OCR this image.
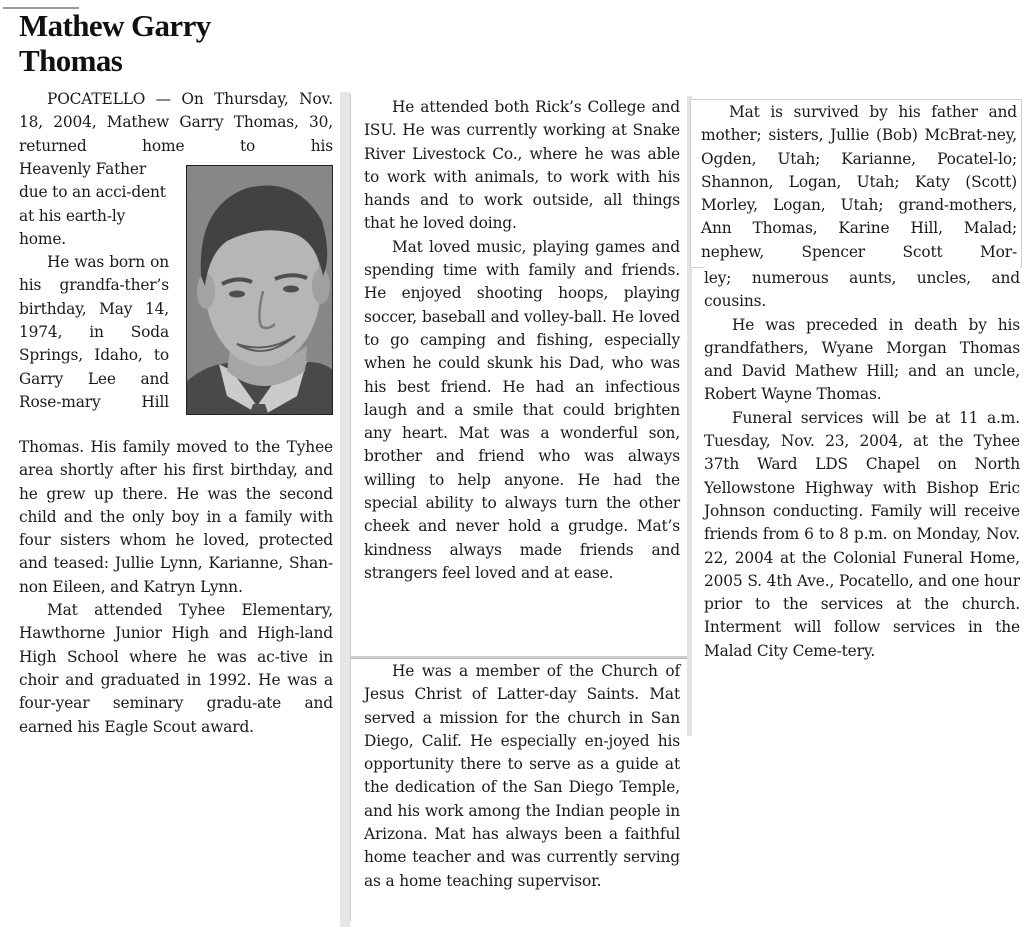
Mathew Garry
Thomas

POCATELLO — On Thursday, Nov. 18, 2004, Mathew Garry Thomas, 30, returned home to his

Heavenly Father due to an acci-dent at his earth-ly home.

He was born on his grandfa-ther’s birthday, May 14, 1974, in Soda Springs, Idaho, to Garry Lee and Rose-mary Hill

Thomas. His family moved to the Tyhee area shortly after his first birthday, and he grew up there. He was the second child and the only boy in a family with four sisters whom he loved, protected and teased: Jullie Lynn, Karianne, Shan-non Eileen, and Katryn Lynn.

Mat attended Tyhee Elementary, Hawthorne Junior High and High-land High School where he was ac-tive in choir and graduated in 1992. He was a four-year seminary gradu-ate and earned his Eagle Scout award.

He attended both Rick’s College and ISU. He was currently working at Snake River Livestock Co., where he was able to work with animals, to work with his hands and to work outside, all things that he loved doing.

Mat loved music, playing games and spending time with family and friends. He enjoyed shooting hoops, playing soccer, baseball and volley-ball. He loved to go camping and fishing, especially when he could skunk his Dad, who was his best friend. He had an infectious laugh and a smile that could brighten any heart. Mat was a wonderful son, brother and friend who was always willing to help anyone. He had the special ability to always turn the other cheek and never hold a grudge. Mat’s kindness always made friends and strangers feel loved and at ease.

He was a member of the Church of Jesus Christ of Latter-day Saints. Mat served a mission for the church in San Diego, Calif. He especially en-joyed his opportunity there to serve as a guide at the dedication of the San Diego Temple, and his work among the Indian people in Arizona. Mat has always been a faithful home teacher and was currently serving as a home teaching supervisor.

Mat is survived by his father and mother; sisters, Jullie (Bob) McBrat-ney, Ogden, Utah; Karianne, Pocatel-lo; Shannon, Logan, Utah; Katy (Scott) Morley, Logan, Utah; grand-mothers, Ann Thomas, Karine Hill, Malad; nephew, Spencer Scott Mor-

ley; numerous aunts, uncles, and cousins.

He was preceded in death by his grandfathers, Wyane Morgan Thomas and David Mathew Hill; and an uncle, Robert Wayne Thomas.

Funeral services will be at 11 a.m. Tuesday, Nov. 23, 2004, at the Tyhee 37th Ward LDS Chapel on North Yellowstone Highway with Bishop Eric Johnson conducting. Family will receive friends from 6 to 8 p.m. on Monday, Nov. 22, 2004 at the Colonial Funeral Home, 2005 S. 4th Ave., Pocatello, and one hour prior to the services at the church. Interment will follow services in the Malad City Ceme-tery.
